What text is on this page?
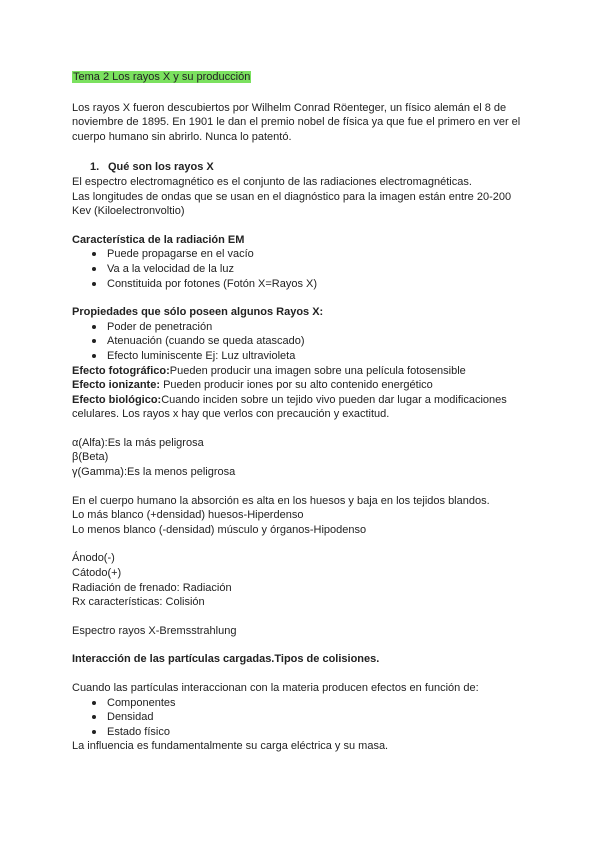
Tema 2 Los rayos X y su producción

Los rayos X fueron descubiertos por Wilhelm Conrad Röenteger, un físico alemán el 8 de noviembre de 1895. En 1901 le dan el premio nobel de física ya que fue el primero en ver el cuerpo humano sin abrirlo. Nunca lo patentó.

1. Qué son los rayos X

El espectro electromagnético es el conjunto de las radiaciones electromagnéticas.

Las longitudes de ondas que se usan en el diagnóstico para la imagen están entre 20-200 Kev (Kiloelectronvoltio)

Característica de la radiación EM

Puede propagarse en el vacío
Va a la velocidad de la luz
Constituida por fotones (Fotón X=Rayos X)

Propiedades que sólo poseen algunos Rayos X:

Poder de penetración
Atenuación (cuando se queda atascado)
Efecto luminiscente Ej: Luz ultravioleta

Efecto fotográfico:Pueden producir una imagen sobre una película fotosensible

Efecto ionizante: Pueden producir iones por su alto contenido energético

Efecto biológico:Cuando inciden sobre un tejido vivo pueden dar lugar a modificaciones celulares. Los rayos x hay que verlos con precaución y exactitud.

α(Alfa):Es la más peligrosa

β(Beta)

γ(Gamma):Es la menos peligrosa

En el cuerpo humano la absorción es alta en los huesos y baja en los tejidos blandos.

Lo más blanco (+densidad) huesos-Hiperdenso

Lo menos blanco (-densidad) músculo y órganos-Hipodenso

Ánodo(-)

Cátodo(+)

Radiación de frenado: Radiación

Rx características: Colisión

Espectro rayos X-Bremsstrahlung

Interacción de las partículas cargadas.Tipos de colisiones.

Cuando las partículas interaccionan con la materia producen efectos en función de:

Componentes
Densidad
Estado físico

La influencia es fundamentalmente su carga eléctrica y su masa.
